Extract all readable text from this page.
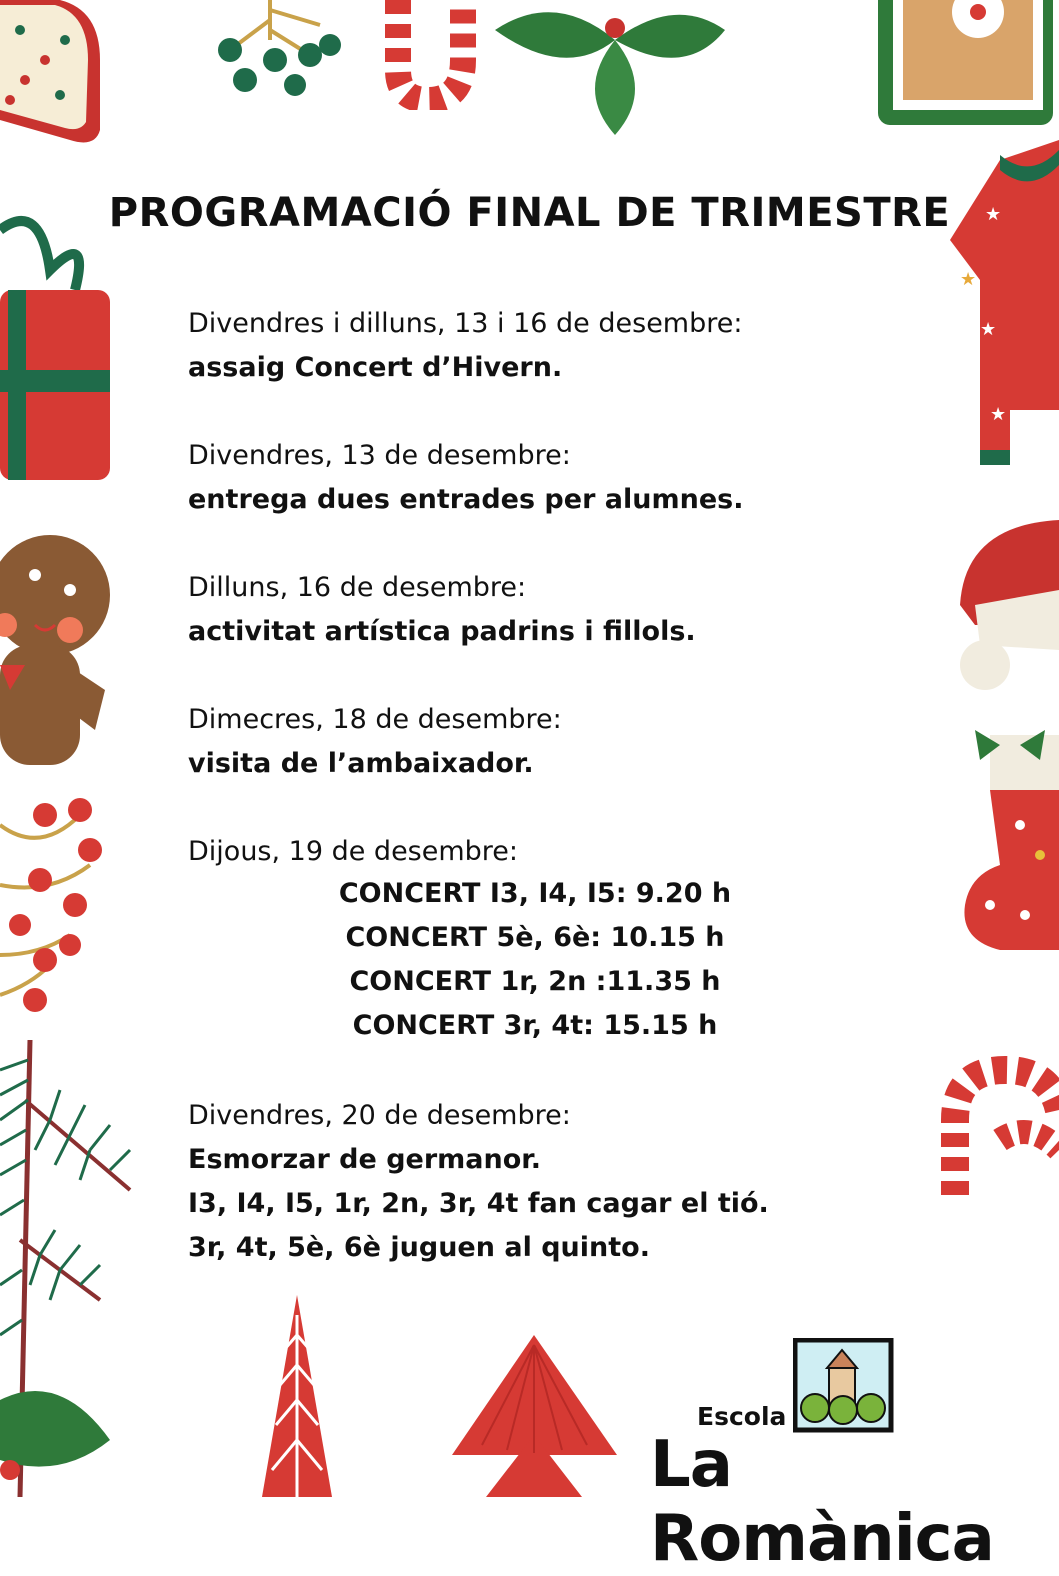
★
★
★
★
Escola
La Romànica
PROGRAMACIÓ FINAL DE TRIMESTRE
Divendres i dilluns, 13 i 16 de desembre:
assaig Concert d’Hivern.
Divendres, 13 de desembre:
entrega dues entrades per alumnes.
Dilluns, 16 de desembre:
activitat artística padrins i fillols.
Dimecres, 18 de desembre:
visita de l’ambaixador.
Dijous, 19 de desembre:
CONCERT I3, I4, I5: 9.20 h
CONCERT 5è, 6è: 10.15 h
CONCERT 1r, 2n :11.35 h
CONCERT 3r, 4t: 15.15 h
Divendres, 20 de desembre:
Esmorzar de germanor.
I3, I4, I5, 1r, 2n, 3r, 4t fan cagar el tió.
3r, 4t, 5è, 6è juguen al quinto.
